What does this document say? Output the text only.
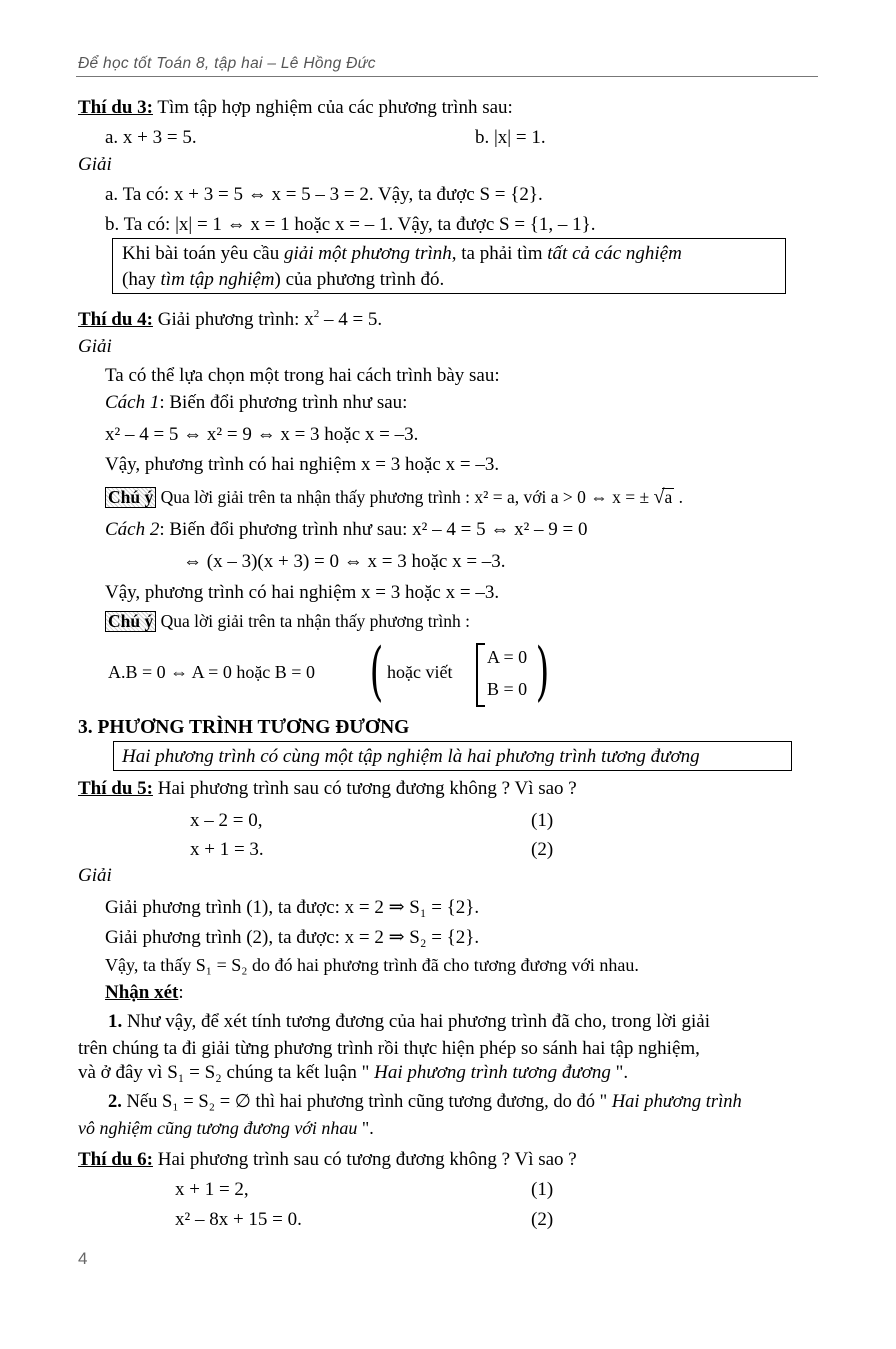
Để học tốt Toán 8, tập hai – Lê Hồng Đức
Thí du 3: Tìm tập hợp nghiệm của các phương trình sau:
a. x + 3 = 5.	b. |x| = 1.
Giải
a. Ta có: x + 3 = 5 ⇔ x = 5 – 3 = 2. Vậy, ta được S = {2}.
b. Ta có: |x| = 1 ⇔ x = 1 hoặc x = – 1. Vậy, ta được S = {1, – 1}.
Khi bài toán yêu cầu giải một phương trình, ta phải tìm tất cả các nghiệm
(hay tìm tập nghiệm) của phương trình đó.
Thí du 4: Giải phương trình: $x^2 - 4 = 5$.
Giải
Ta có thể lựa chọn một trong hai cách trình bày sau:
Cách 1: Biến đổi phương trình như sau:
x² – 4 = 5 ⇔ x² = 9 ⇔ x = 3 hoặc x = –3.
Vậy, phương trình có hai nghiệm x = 3 hoặc x = –3.
Chú ý Qua lời giải trên ta nhận thấy phương trình : x² = a, với a > 0 ⇔ x = ± √a .
Cách 2: Biến đổi phương trình như sau: x² – 4 = 5 ⇔ x² – 9 = 0
⇔ (x – 3)(x + 3) = 0 ⇔ x = 3 hoặc x = –3.
Vậy, phương trình có hai nghiệm x = 3 hoặc x = –3.
Chú ý Qua lời giải trên ta nhận thấy phương trình :
A.B = 0 ⇔ A = 0 hoặc B = 0 ( hoặc viết
A = 0
B = 0 )
3. PHƯƠNG TRÌNH TƯƠNG ĐƯƠNG
Hai phương trình có cùng một tập nghiệm là hai phương trình tương đương
Thí du 5: Hai phương trình sau có tương đương không ? Vì sao ?
x – 2 = 0,	(1)
x + 1 = 3.	(2)
Giải
Giải phương trình (1), ta được: x = 2 ⇒ S₁ = {2}.
Giải phương trình (2), ta được: x = 2 ⇒ S₂ = {2}.
Vậy, ta thấy S₁ = S₂ do đó hai phương trình đã cho tương đương với nhau.
Nhận xét:
1. Như vậy, để xét tính tương đương của hai phương trình đã cho, trong lời giải
trên chúng ta đi giải từng phương trình rồi thực hiện phép so sánh hai tập nghiệm,
và ở đây vì S₁ = S₂ chúng ta kết luận " Hai phương trình tương đương ".
2. Nếu S₁ = S₂ = ∅ thì hai phương trình cũng tương đương, do đó " Hai phương trình
vô nghiệm cũng tương đương với nhau ".
Thí du 6: Hai phương trình sau có tương đương không ? Vì sao ?
x + 1 = 2,	(1)
x² – 8x + 15 = 0.	(2)
4
